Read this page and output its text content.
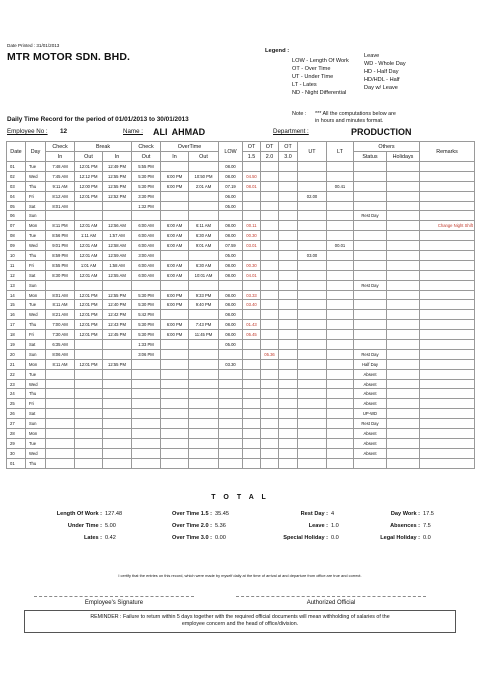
Date Printed : 31/01/2013
MTR MOTOR SDN. BHD.	Legend :
LOW - Length Of Work
OT - Over Time
UT - Under Time
LT - Lates
ND - Night Differential
Leave
WD - Whole Day
HD - Half Day
HD/HDL - Half
Day w/ Leave
Note : *** All the computations below are
in hours and minutes format.
Daily Time Record for the period of 01/01/2013 to 30/01/2013
Employee No : 12	Name : ALI AHMAD	Department :	PRODUCTION
Date	Day	Check	Break		Check	OverTime		LOW	OT	OT	OT	UT	LT	Others		Remarks
		In	Out	In	Out	In	Out		1.5	2.0	3.0			Status	Holidays	
01	Tue	7:48 AM	12:01 PM	12:49 PM	5:55 PM			08.00								
02	Wed	7:45 AM	12:12 PM	12:55 PM	5:30 PM	6:00 PM	10:50 PM	08.00	04.50							
03	Thu	9:11 AM	12:00 PM	12:55 PM	5:30 PM	6:00 PM	2:01 AM	07.19	08.01				00.41			
04	Fri	8:12 AM	12:01 PM	12:52 PM	3:30 PM			06.00				02.00				
05	Sat	8:01 AM			1:32 PM			05.00								
06	Sun													Rest Day		
07	Mon	8:11 PM	12:01 AM	12:56 AM	6:00 AM	6:00 AM	6:11 AM	08.00	00.11							Change Night Shift
08	Tue	8:56 PM	1:11 AM	1:57 AM	6:00 AM	6:00 AM	6:30 AM	08.00	00.30							
09	Wed	9:01 PM	12:01 AM	12:58 AM	6:00 AM	6:00 AM	9:01 AM	07.59	03.01				00.01			
10	Thu	8:59 PM	12:01 AM	12:59 AM	3:00 AM			05.00				03.00				
11	Fri	8:55 PM	1:01 AM	1:58 AM	6:00 AM	6:00 AM	6:30 AM	08.00	00.30							
12	Sat	8:30 PM	12:01 AM	12:55 AM	6:00 AM	6:00 AM	10:01 AM	08.00	04.01							
13	Sun													Rest Day		
14	Mon	8:01 AM	12:01 PM	12:55 PM	5:30 PM	6:00 PM	9:33 PM	08.00	03.33							
15	Tue	8:11 AM	12:01 PM	12:40 PM	5:30 PM	6:00 PM	9:40 PM	08.00	03.40							
16	Wed	8:21 AM	12:01 PM	12:42 PM	5:42 PM			08.00								
17	Thu	7:00 AM	12:01 PM	12:43 PM	5:30 PM	6:00 PM	7:43 PM	08.00	01.43							
18	Fri	7:30 AM	12:01 PM	12:45 PM	5:30 PM	6:00 PM	11:45 PM	08.00	05.45							
19	Sat	6:35 AM			1:33 PM			05.00								
20	Sun	8:06 AM			3:06 PM					05.36				Rest Day		
21	Mon	8:11 AM	12:01 PM	12:55 PM				03.30						Half Day		
22	Tue													Absent		
23	Wed													Absent		
24	Thu													Absent		
25	Fri													Absent		
26	Sat													UP-WD		
27	Sun													Rest Day		
28	Mon													Absent		
29	Tue													Absent		
30	Wed													Absent		
01	Thu															
T O T A L
Length Of Work :	127.48	Over Time 1.5 :	35.45	Rest Day :	4	Day Work :	17.5
Under Time :	5.00	Over Time 2.0 :	5.36	Leave :	1.0	Absences :	7.5
Lates :	0.42	Over Time 3.0 :	0.00	Special Holiday :	0.0	Legal Holiday :	0.0
I certify that the entries on this record, which were made by myself daily at the time of arrival at and departure from office are true and correct.
Employee's Signature	Authorized Official
REMINDER : Failure to return within 5 days together with the required official documents will mean withholding of salaries of the
employee concern and the head of office/division.
